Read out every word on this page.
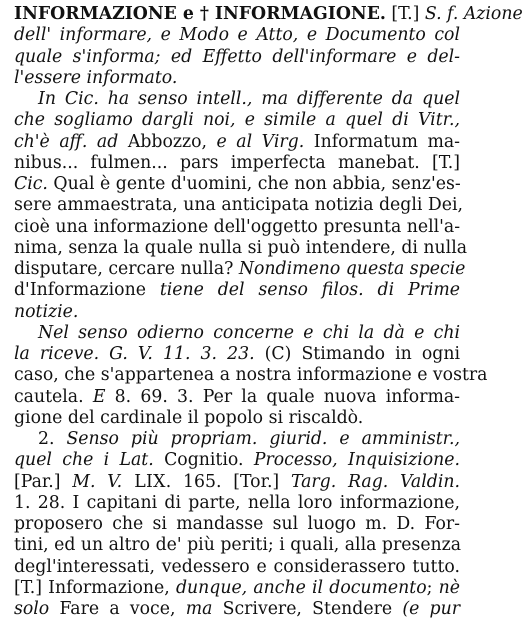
INFORMAZIONE e † INFORMAGIONE. [T.] S. f. Azione
dell' informare, e Modo e Atto, e Documento col
quale s'informa; ed Effetto dell'informare e del-
l'essere informato.
In Cic. ha senso intell., ma differente da quel
che sogliamo dargli noi, e simile a quel di Vitr.,
ch'è aff. ad Abbozzo, e al Virg. Informatum ma-
nibus... fulmen... pars imperfecta manebat. [T.]
Cic. Qual è gente d'uomini, che non abbia, senz'es-
sere ammaestrata, una anticipata notizia degli Dei,
cioè una informazione dell'oggetto presunta nell'a-
nima, senza la quale nulla si può intendere, di nulla
disputare, cercare nulla? Nondimeno questa specie
d'Informazione tiene del senso filos. di Prime
notizie.
Nel senso odierno concerne e chi la dà e chi
la riceve. G. V. 11. 3. 23. (C) Stimando in ogni
caso, che s'appartenea a nostra informazione e vostra
cautela. E 8. 69. 3. Per la quale nuova informa-
gione del cardinale il popolo si riscaldò.
2. Senso più propriam. giurid. e amministr.,
quel che i Lat. Cognitio. Processo, Inquisizione.
[Par.] M. V. LIX. 165. [Tor.] Targ. Rag. Valdin.
1. 28. I capitani di parte, nella loro informazione,
proposero che si mandasse sul luogo m. D. For-
tini, ed un altro de' più periti; i quali, alla presenza
degl'interessati, vedessero e considerassero tutto.
[T.] Informazione, dunque, anche il documento; nè
solo Fare a voce, ma Scrivere, Stendere (e pur
